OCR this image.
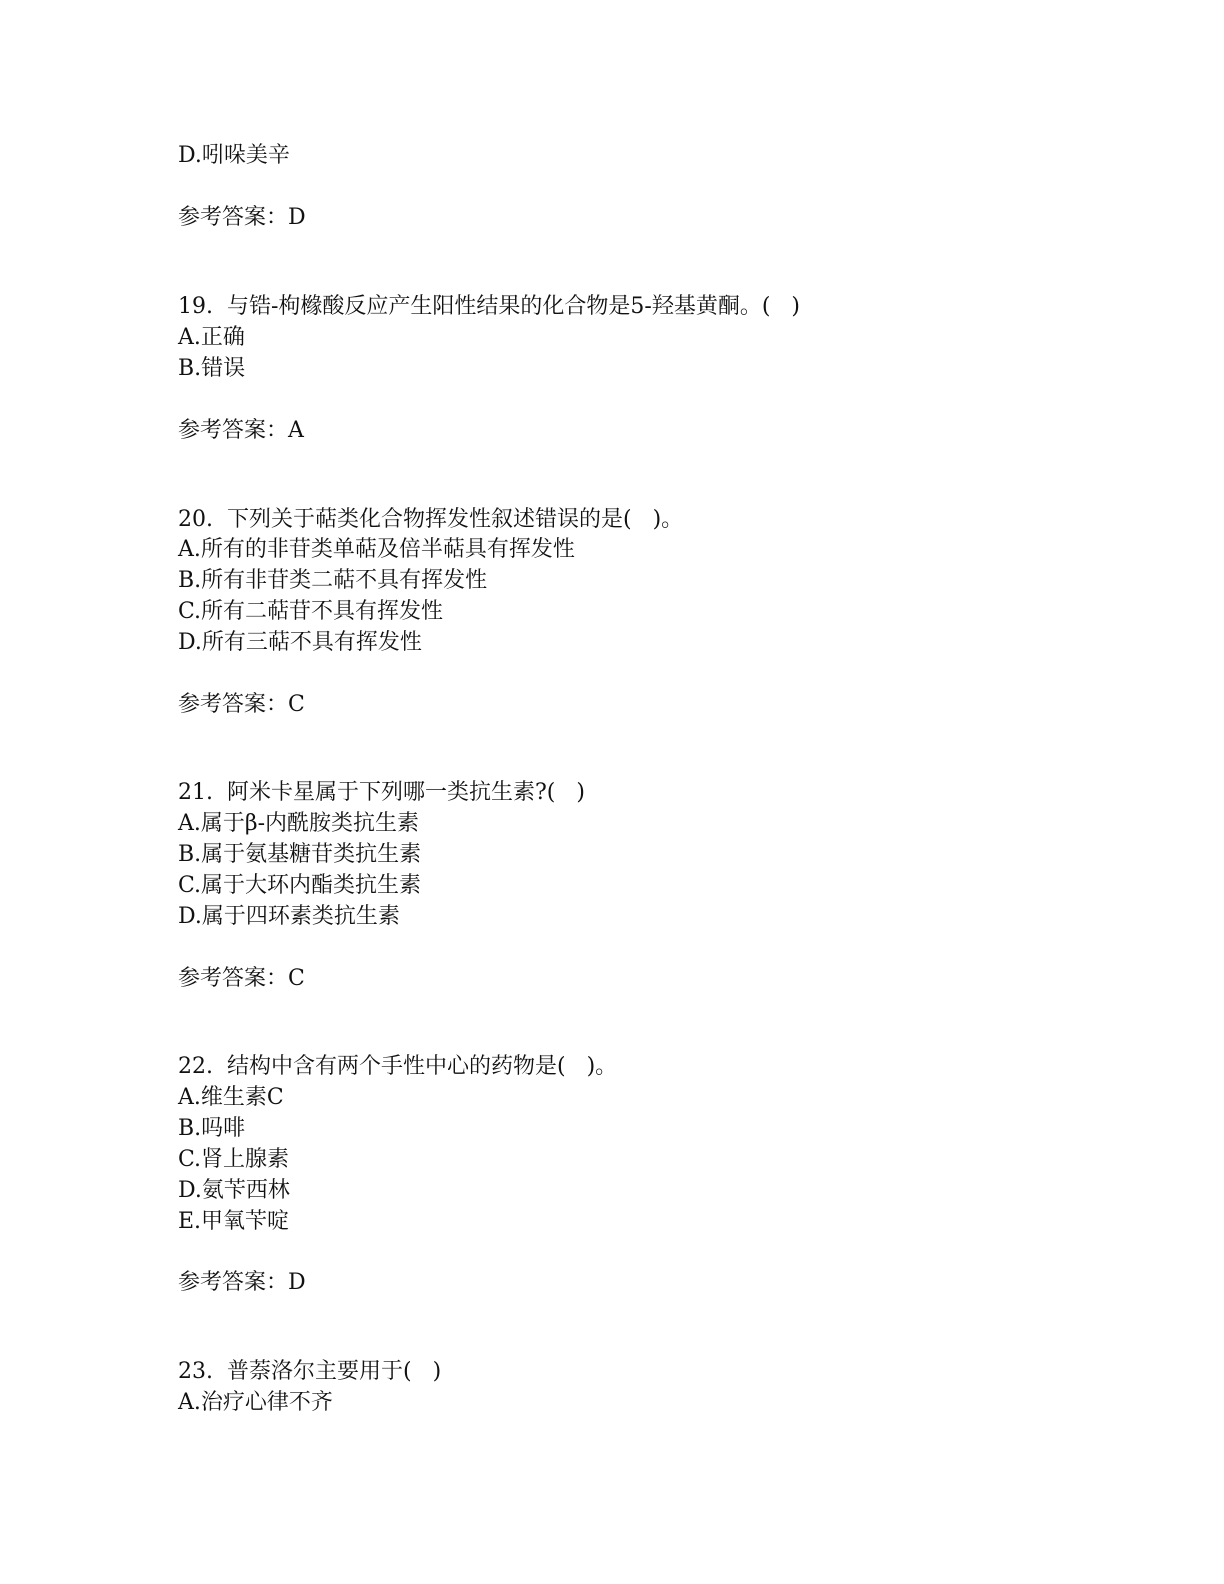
D.吲哚美辛
参考答案：D
19. 与锆-枸橼酸反应产生阳性结果的化合物是5-羟基黄酮。(   )
A.正确
B.错误
参考答案：A
20. 下列关于萜类化合物挥发性叙述错误的是(   )。
A.所有的非苷类单萜及倍半萜具有挥发性
B.所有非苷类二萜不具有挥发性
C.所有二萜苷不具有挥发性
D.所有三萜不具有挥发性
参考答案：C
21. 阿米卡星属于下列哪一类抗生素?(   )
A.属于β-内酰胺类抗生素
B.属于氨基糖苷类抗生素
C.属于大环内酯类抗生素
D.属于四环素类抗生素
参考答案：C
22. 结构中含有两个手性中心的药物是(   )。
A.维生素C
B.吗啡
C.肾上腺素
D.氨苄西林
E.甲氧苄啶
参考答案：D
23. 普萘洛尔主要用于(   )
A.治疗心律不齐
